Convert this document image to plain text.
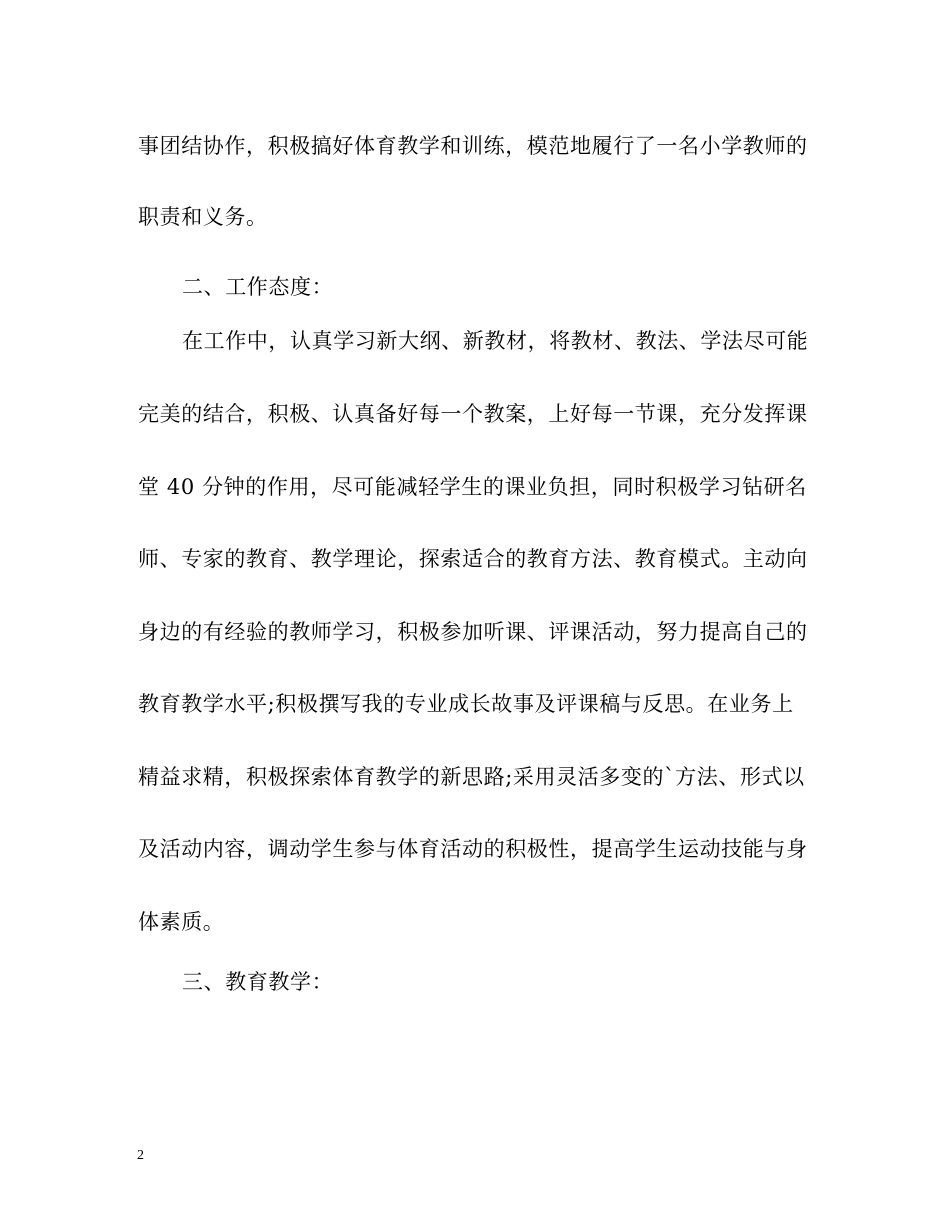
事团结协作，积极搞好体育教学和训练，模范地履行了一名小学教师的
职责和义务。
二、工作态度：
在工作中，认真学习新大纲、新教材，将教材、教法、学法尽可能
完美的结合，积极、认真备好每一个教案，上好每一节课，充分发挥课
堂 40 分钟的作用，尽可能减轻学生的课业负担，同时积极学习钻研名
师、专家的教育、教学理论，探索适合的教育方法、教育模式。主动向
身边的有经验的教师学习，积极参加听课、评课活动，努力提高自己的
教育教学水平;积极撰写我的专业成长故事及评课稿与反思。在业务上
精益求精，积极探索体育教学的新思路;采用灵活多变的`方法、形式以
及活动内容，调动学生参与体育活动的积极性，提高学生运动技能与身
体素质。
三、教育教学：
2
